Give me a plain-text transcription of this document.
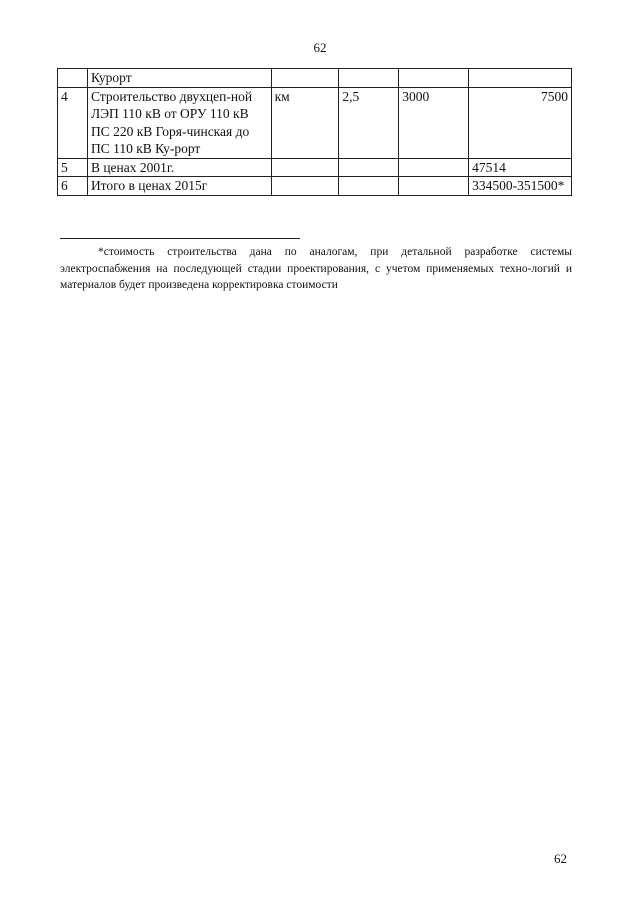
62
	Курорт				
4	Строительство двухцеп-ной ЛЭП 110 кВ от ОРУ 110 кВ ПС 220 кВ Горя-чинская до ПС 110 кВ Ку-рорт	км	2,5	3000	7500
5	В ценах 2001г.				47514
6	Итого в ценах 2015г				334500-351500*
*стоимость строительства дана по аналогам, при детальной разработке системы электроспабжения на последующей стадии проектирования, с учетом применяемых техно-логий и материалов будет произведена корректировка стоимости
62
